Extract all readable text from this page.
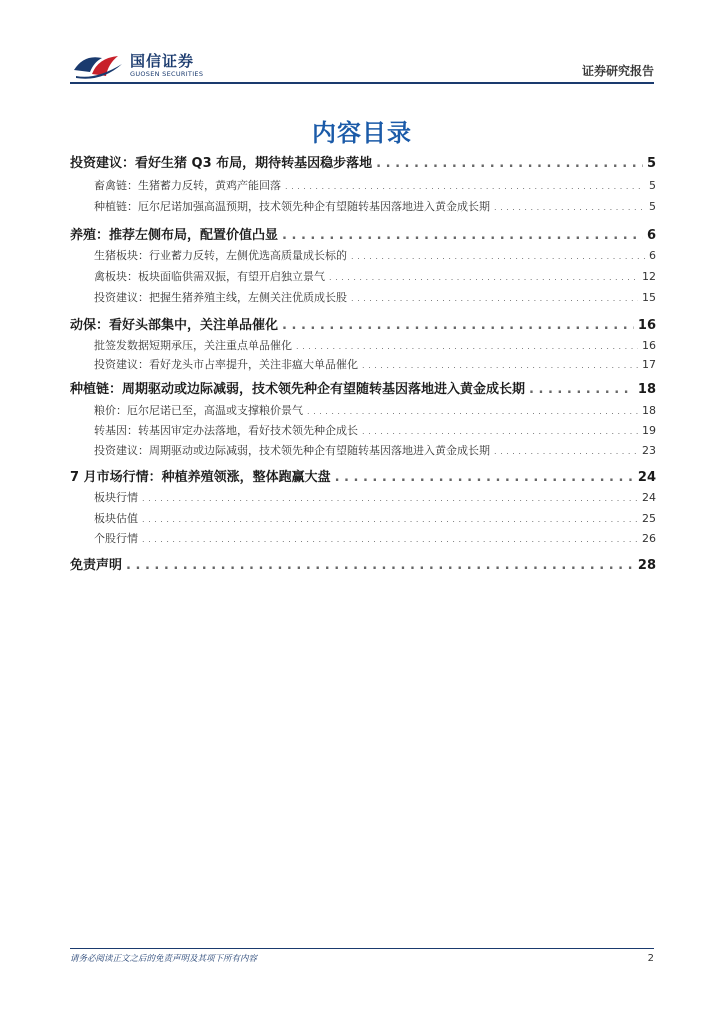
国信证券
GUOSEN SECURITIES	证券研究报告
内容目录
投资建议：看好生猪 Q3 布局，期待转基因稳步落地 . . .	5
畜禽链：生猪蓄力反转，黄鸡产能回落 . . .	5
种植链：厄尔尼诺加强高温预期，技术领先种企有望随转基因落地进入黄金成长期 . . .	5
养殖：推荐左侧布局，配置价值凸显 . . .	6
生猪板块：行业蓄力反转，左侧优选高质量成长标的 . . .	6
禽板块：板块面临供需双振，有望开启独立景气 . . .	12
投资建议：把握生猪养殖主线，左侧关注优质成长股 . . .	15
动保：看好头部集中，关注单品催化 . . .	16
批签发数据短期承压，关注重点单品催化 . . .	16
投资建议：看好龙头市占率提升，关注非瘟大单品催化 . . .	17
种植链：周期驱动或边际减弱，技术领先种企有望随转基因落地进入黄金成长期 . . .	18
粮价：厄尔尼诺已至，高温或支撑粮价景气 . . .	18
转基因：转基因审定办法落地，看好技术领先种企成长 . . .	19
投资建议：周期驱动或边际减弱，技术领先种企有望随转基因落地进入黄金成长期 . . .	23
7 月市场行情：种植养殖领涨，整体跑赢大盘 . . .	24
板块行情 . . .	24
板块估值 . . .	25
个股行情 . . .	26
免责声明 . . .	28
请务必阅读正文之后的免责声明及其项下所有内容	2
